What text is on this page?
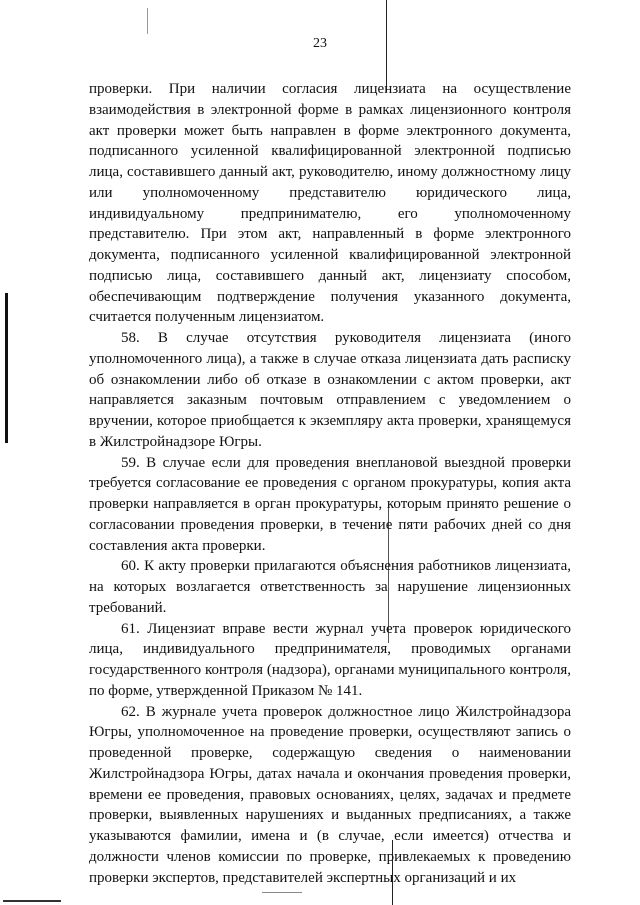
23

проверки. При наличии согласия лицензиата на осуществление взаимодействия в электронной форме в рамках лицензионного контроля акт проверки может быть направлен в форме электронного документа, подписанного усиленной квалифицированной электронной подписью лица, составившего данный акт, руководителю, иному должностному лицу или уполномоченному представителю юридического лица, индивидуальному предпринимателю, его уполномоченному представителю. При этом акт, направленный в форме электронного документа, подписанного усиленной квалифицированной электронной подписью лица, составившего данный акт, лицензиату способом, обеспечивающим подтверждение получения указанного документа, считается полученным лицензиатом.

58. В случае отсутствия руководителя лицензиата (иного уполномоченного лица), а также в случае отказа лицензиата дать расписку об ознакомлении либо об отказе в ознакомлении с актом проверки, акт направляется заказным почтовым отправлением с уведомлением о вручении, которое приобщается к экземпляру акта проверки, хранящемуся в Жилстройнадзоре Югры.

59. В случае если для проведения внеплановой выездной проверки требуется согласование ее проведения с органом прокуратуры, копия акта проверки направляется в орган прокуратуры, которым принято решение о согласовании проведения проверки, в течение пяти рабочих дней со дня составления акта проверки.

60. К акту проверки прилагаются объяснения работников лицензиата, на которых возлагается ответственность за нарушение лицензионных требований.

61. Лицензиат вправе вести журнал учета проверок юридического лица, индивидуального предпринимателя, проводимых органами государственного контроля (надзора), органами муниципального контроля, по форме, утвержденной Приказом № 141.

62. В журнале учета проверок должностное лицо Жилстройнадзора Югры, уполномоченное на проведение проверки, осуществляют запись о проведенной проверке, содержащую сведения о наименовании Жилстройнадзора Югры, датах начала и окончания проведения проверки, времени ее проведения, правовых основаниях, целях, задачах и предмете проверки, выявленных нарушениях и выданных предписаниях, а также указываются фамилии, имена и (в случае, если имеется) отчества и должности членов комиссии по проверке, привлекаемых к проведению проверки экспертов, представителей экспертных организаций и их
